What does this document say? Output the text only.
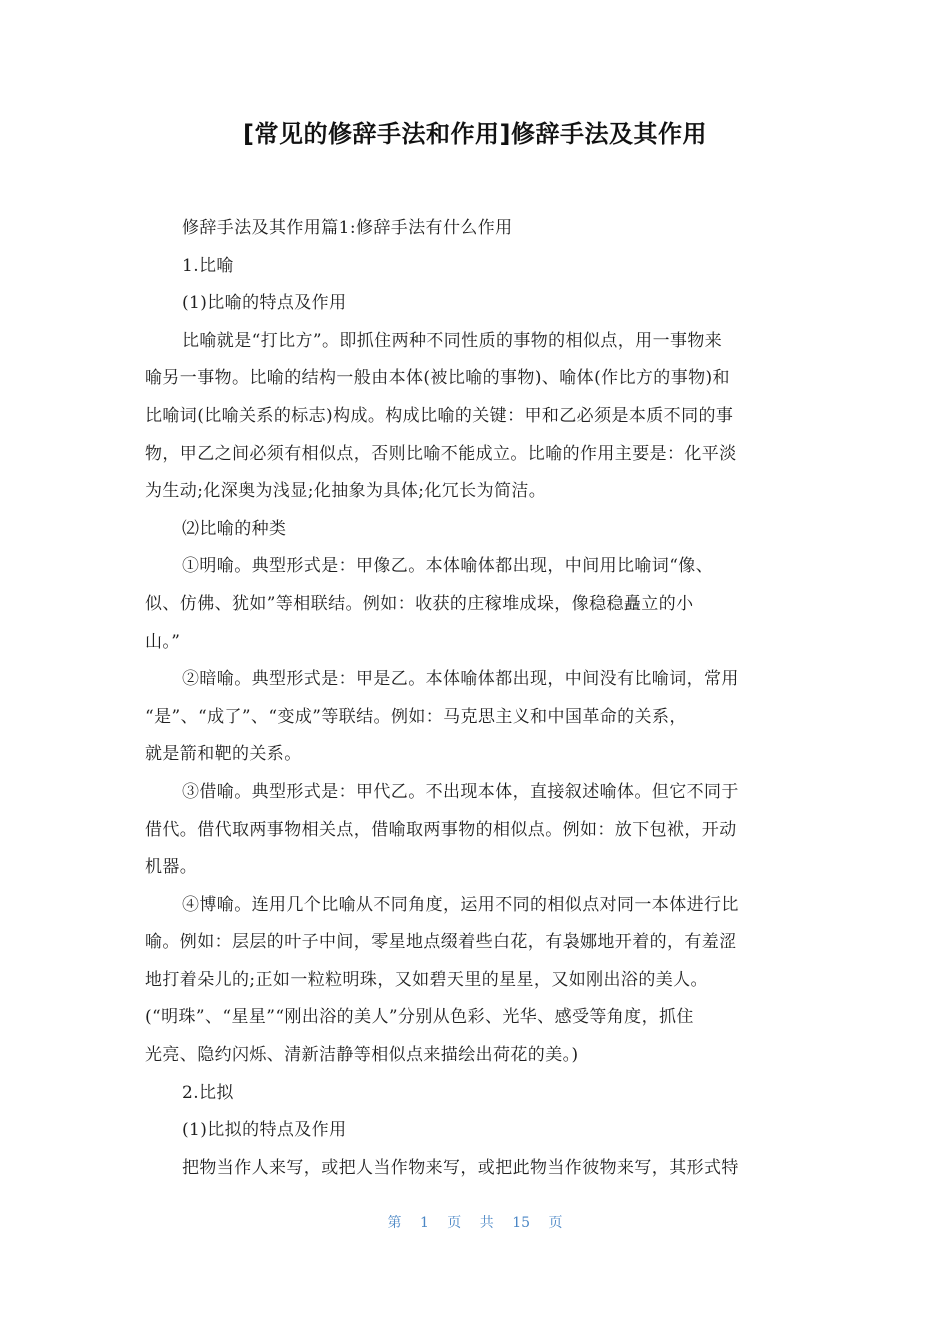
[常见的修辞手法和作用]修辞手法及其作用
修辞手法及其作用篇1:修辞手法有什么作用
1.比喻
(1)比喻的特点及作用
比喻就是“打比方”。即抓住两种不同性质的事物的相似点，用一事物来
喻另一事物。比喻的结构一般由本体(被比喻的事物)、喻体(作比方的事物)和
比喻词(比喻关系的标志)构成。构成比喻的关键：甲和乙必须是本质不同的事
物，甲乙之间必须有相似点，否则比喻不能成立。比喻的作用主要是：化平淡
为生动;化深奥为浅显;化抽象为具体;化冗长为简洁。
⑵比喻的种类
①明喻。典型形式是：甲像乙。本体喻体都出现，中间用比喻词“像、
似、仿佛、犹如”等相联结。例如：收获的庄稼堆成垛，像稳稳矗立的小
山。”
②暗喻。典型形式是：甲是乙。本体喻体都出现，中间没有比喻词，常用
“是”、“成了”、“变成”等联结。例如：马克思主义和中国革命的关系，
就是箭和靶的关系。
③借喻。典型形式是：甲代乙。不出现本体，直接叙述喻体。但它不同于
借代。借代取两事物相关点，借喻取两事物的相似点。例如：放下包袱，开动
机器。
④博喻。连用几个比喻从不同角度，运用不同的相似点对同一本体进行比
喻。例如：层层的叶子中间，零星地点缀着些白花，有袅娜地开着的，有羞涩
地打着朵儿的;正如一粒粒明珠，又如碧天里的星星，又如刚出浴的美人。
(“明珠”、“星星”“刚出浴的美人”分别从色彩、光华、感受等角度，抓住
光亮、隐约闪烁、清新洁静等相似点来描绘出荷花的美。)
2.比拟
(1)比拟的特点及作用
把物当作人来写，或把人当作物来写，或把此物当作彼物来写，其形式特
第 1 页 共 15 页
